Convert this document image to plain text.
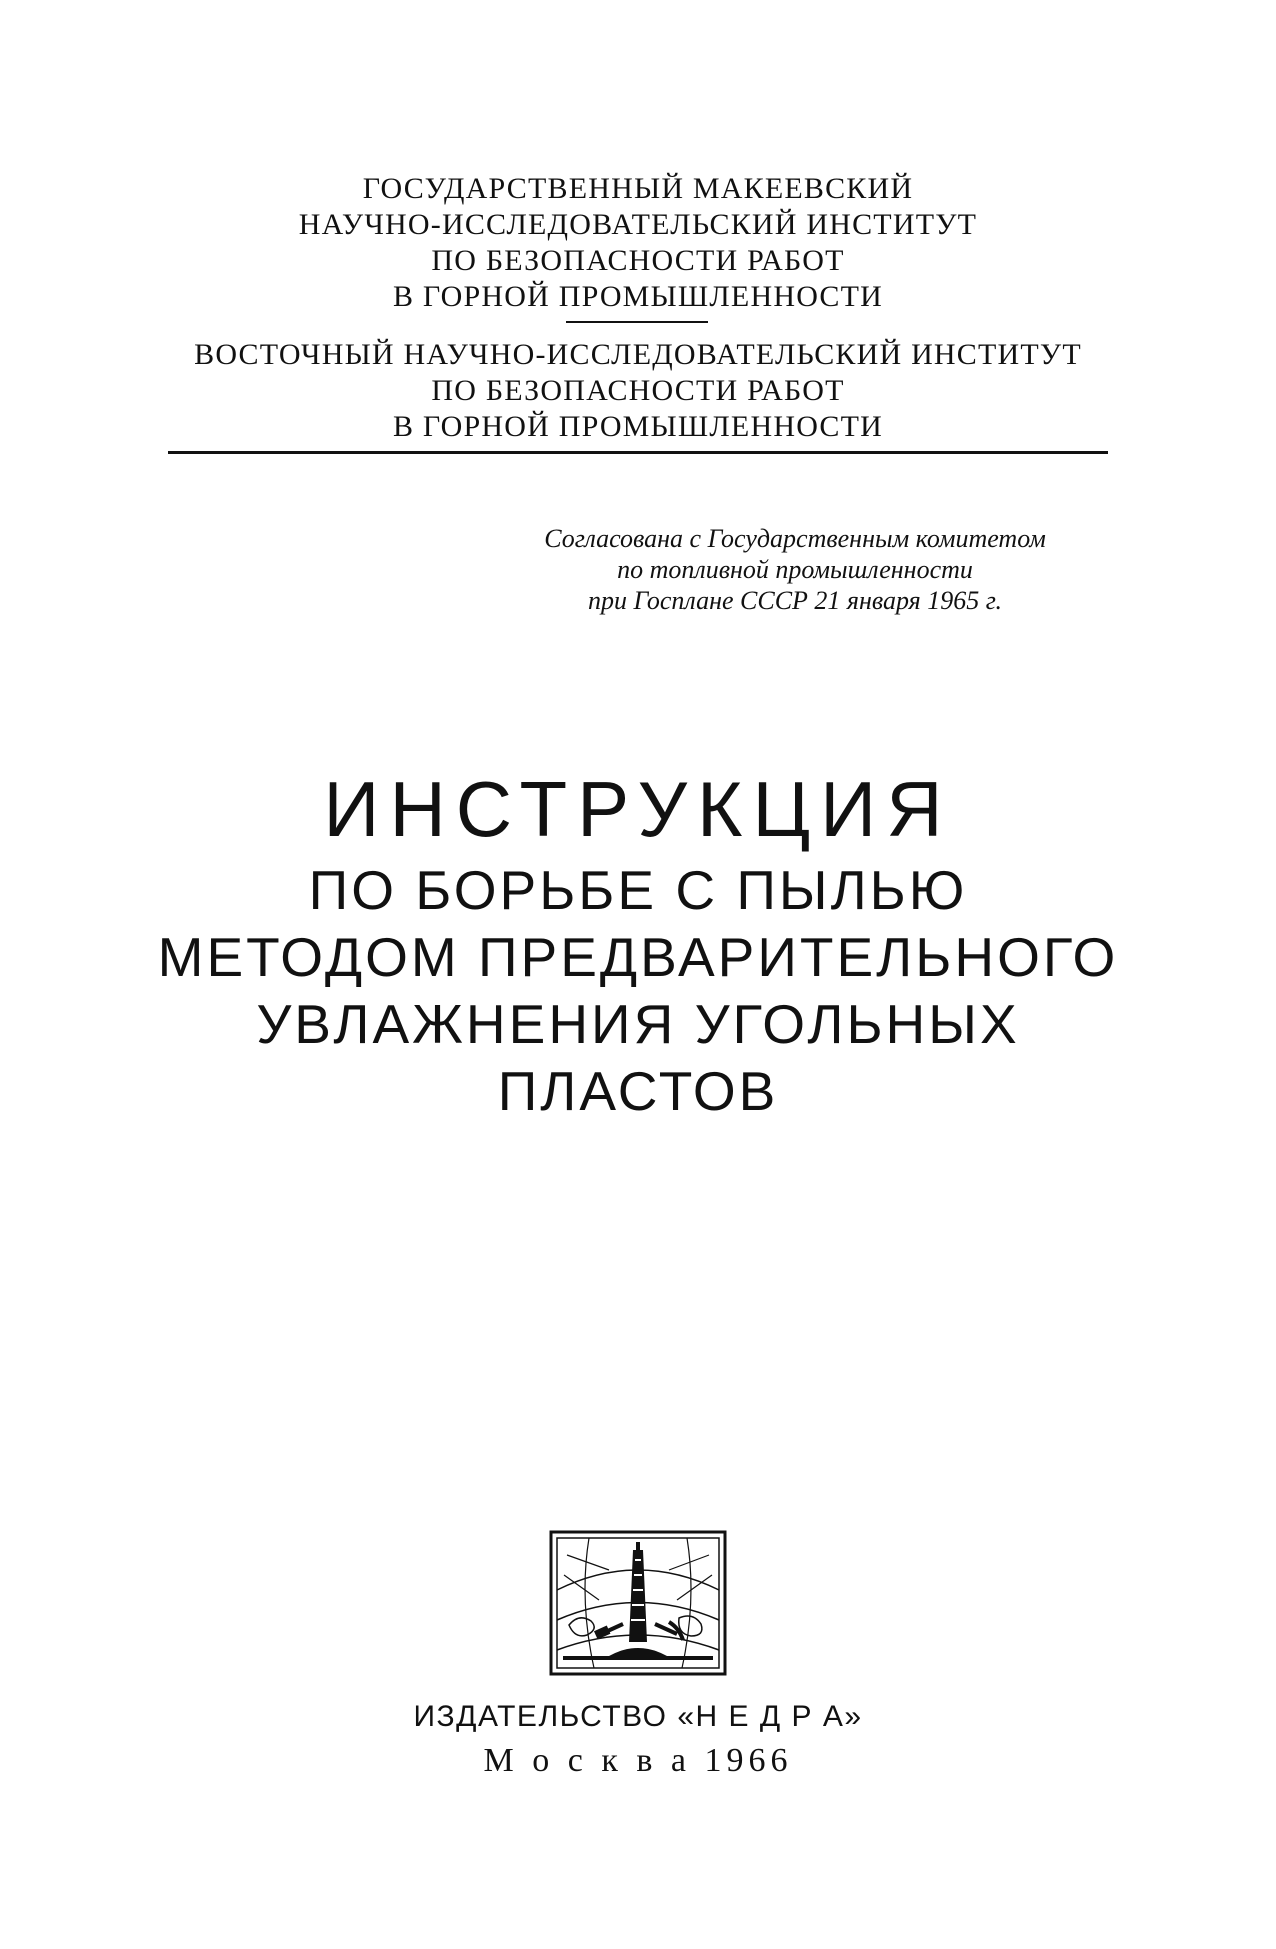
ГОСУДАРСТВЕННЫЙ МАКЕЕВСКИЙ
НАУЧНО-ИССЛЕДОВАТЕЛЬСКИЙ ИНСТИТУТ
ПО БЕЗОПАСНОСТИ РАБОТ
В ГОРНОЙ ПРОМЫШЛЕННОСТИ
ВОСТОЧНЫЙ НАУЧНО-ИССЛЕДОВАТЕЛЬСКИЙ ИНСТИТУТ
ПО БЕЗОПАСНОСТИ РАБОТ
В ГОРНОЙ ПРОМЫШЛЕННОСТИ
Согласована с Государственным комитетом
по топливной промышленности
при Госплане СССР 21 января 1965 г.
ИНСТРУКЦИЯ
ПО БОРЬБЕ С ПЫЛЬЮ
МЕТОДОМ ПРЕДВАРИТЕЛЬНОГО
УВЛАЖНЕНИЯ УГОЛЬНЫХ
ПЛАСТОВ
ИЗДАТЕЛЬСТВО «Н Е Д Р А»
М о с к в а 1966
